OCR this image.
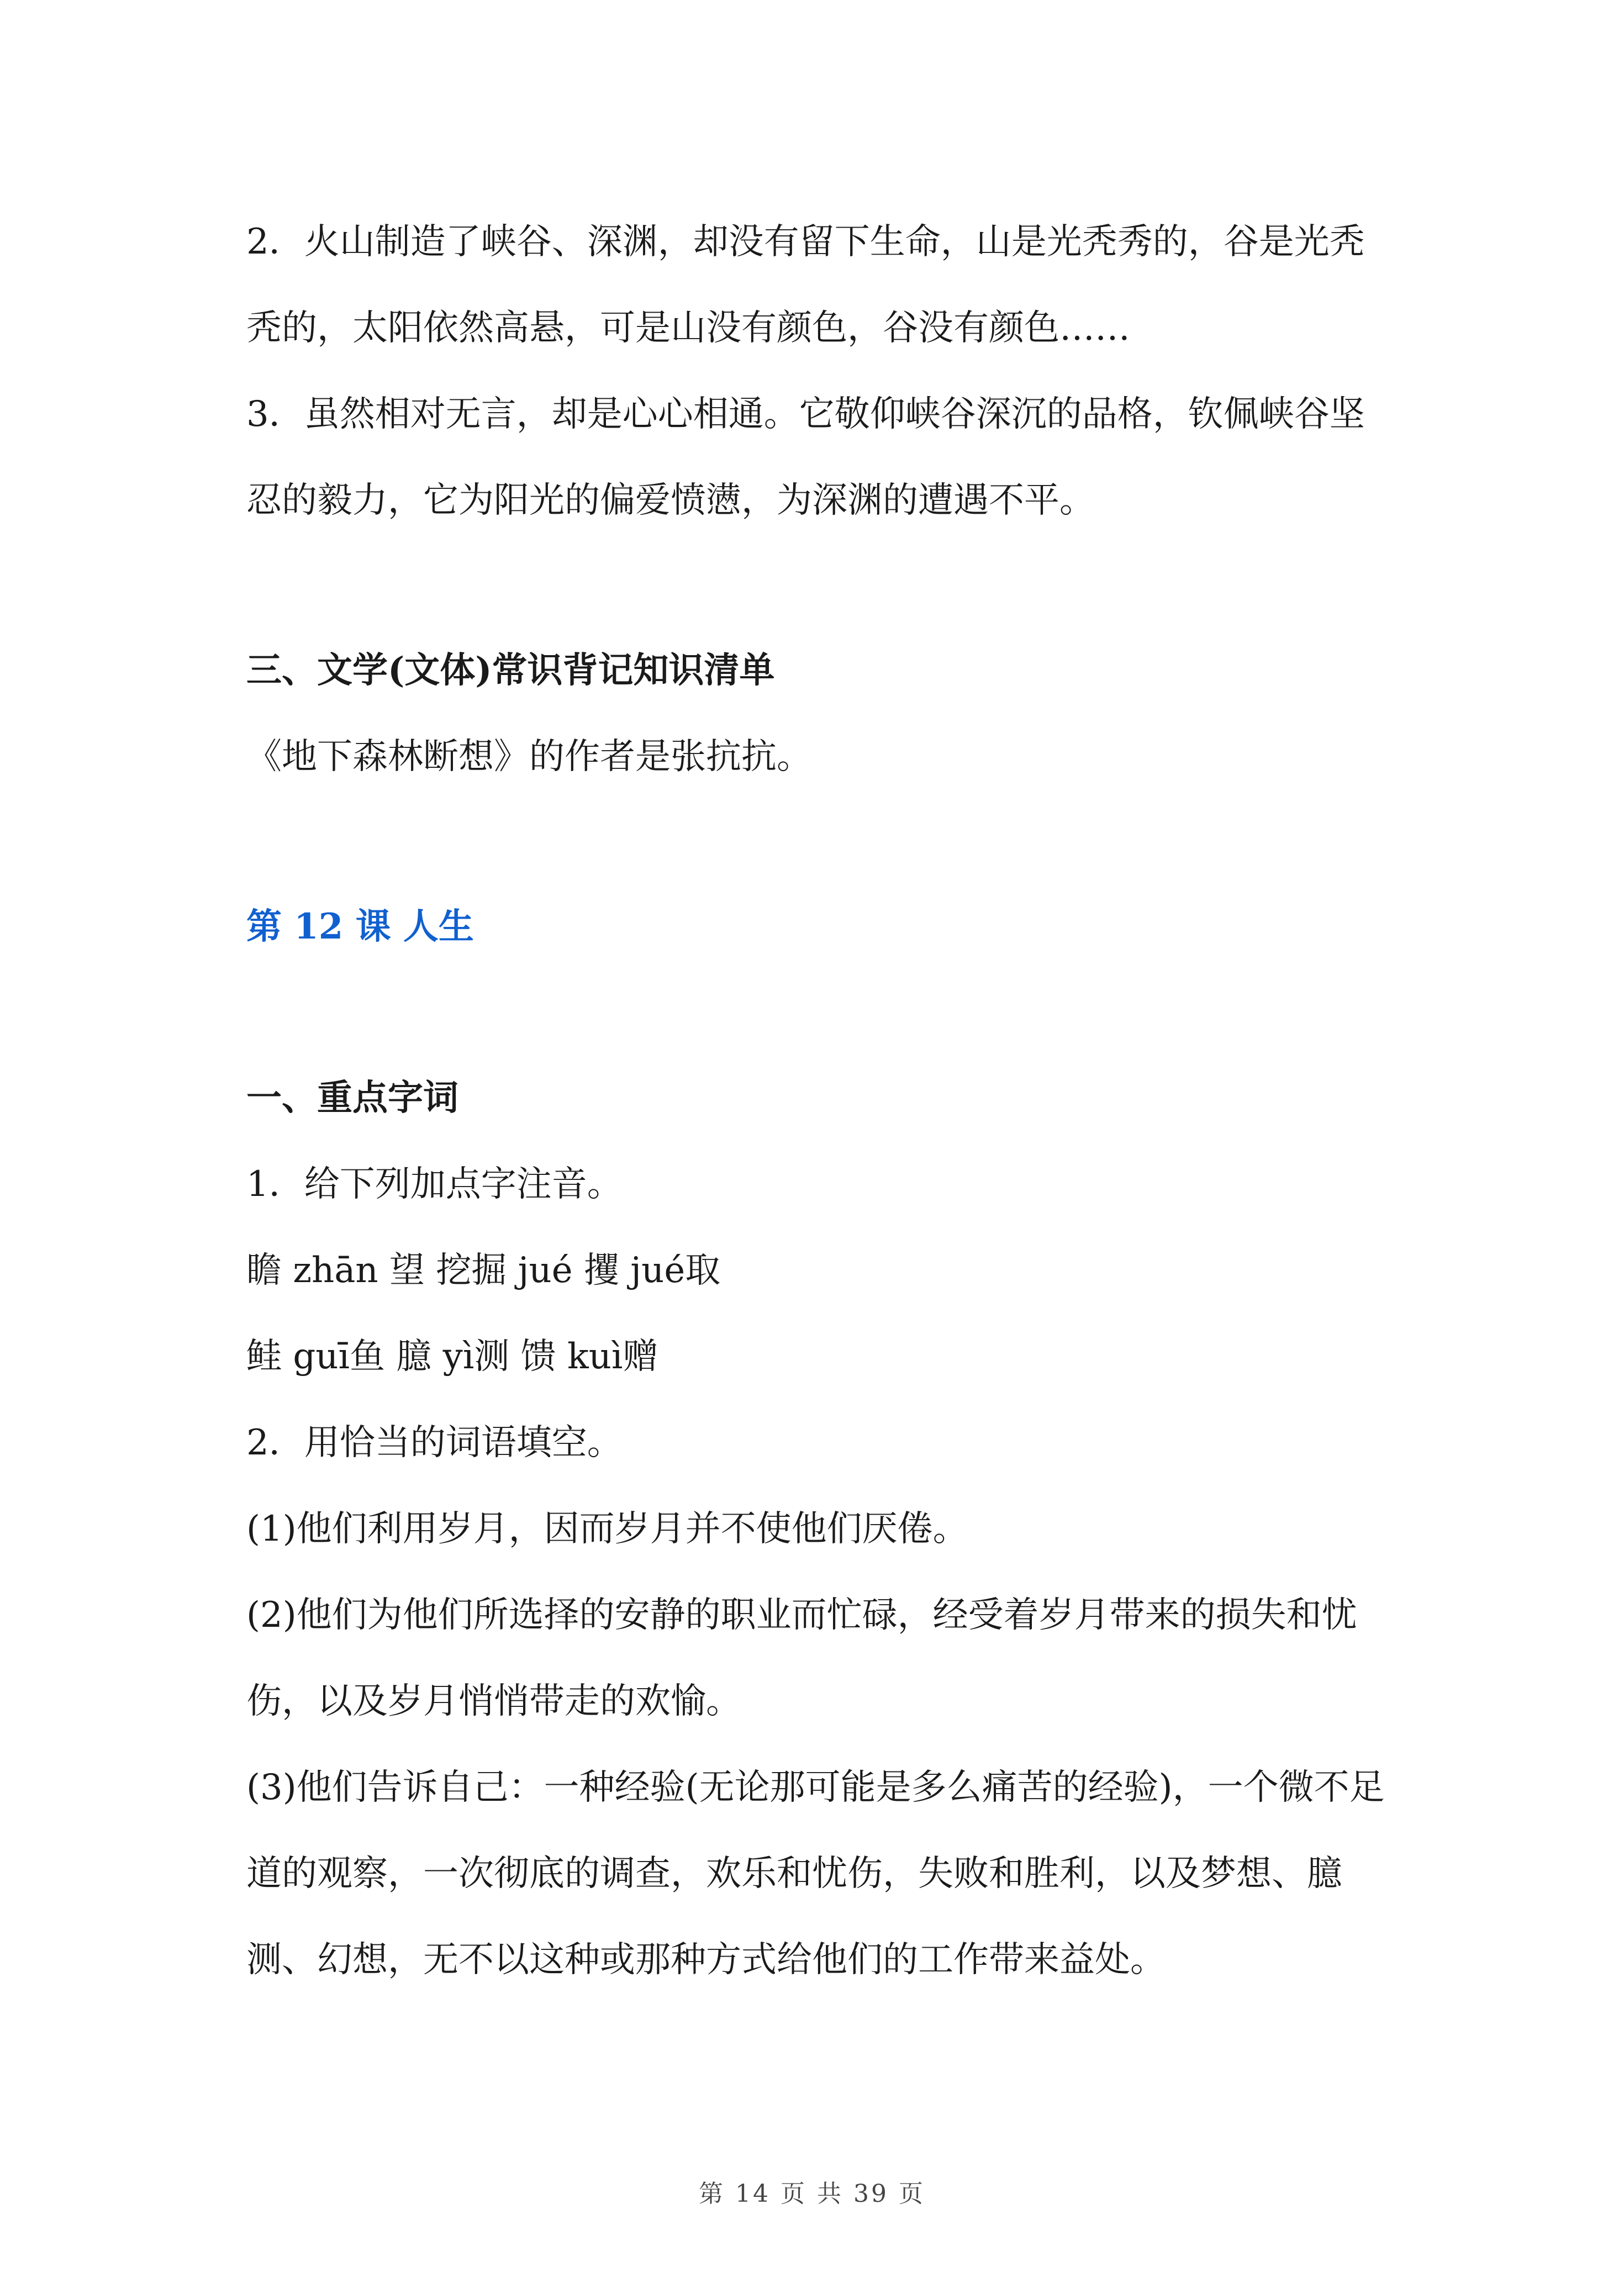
2．火山制造了峡谷、深渊，却没有留下生命，山是光秃秀的，谷是光秃

秃的，太阳依然高悬，可是山没有颜色，谷没有颜色……

3．虽然相对无言，却是心心相通。它敬仰峡谷深沉的品格，钦佩峡谷坚

忍的毅力，它为阳光的偏爱愤懑，为深渊的遭遇不平。

三、文学(文体)常识背记知识清单

《地下森林断想》的作者是张抗抗。

第 12 课 人生

一、重点字词

1．给下列加点字注音。

瞻 zhān 望 挖掘 jué 攫 jué取

鲑 guī鱼 臆 yì测 馈 kuì赠

2．用恰当的词语填空。

(1)他们利用岁月，因而岁月并不使他们厌倦。

(2)他们为他们所选择的安静的职业而忙碌，经受着岁月带来的损失和忧

伤，以及岁月悄悄带走的欢愉。

(3)他们告诉自己：一种经验(无论那可能是多么痛苦的经验)，一个微不足

道的观察，一次彻底的调查，欢乐和忧伤，失败和胜利，以及梦想、臆

测、幻想，无不以这种或那种方式给他们的工作带来益处。

第 14 页 共 39 页
